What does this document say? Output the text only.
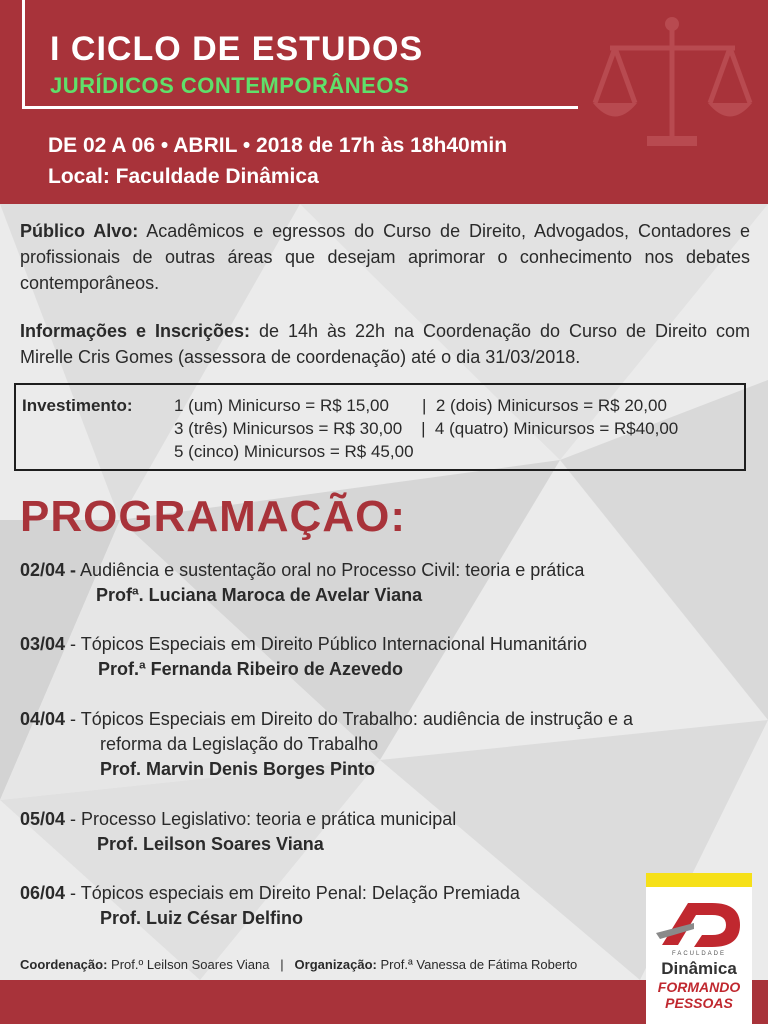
I CICLO DE ESTUDOS
JURÍDICOS CONTEMPORÂNEOS
DE 02 A 06 • ABRIL • 2018 de 17h às 18h40min
Local: Faculdade Dinâmica
Público Alvo: Acadêmicos e egressos do Curso de Direito, Advogados, Contadores e profissionais de outras áreas que desejam aprimorar o conhecimento nos debates contemporâneos.
Informações e Inscrições: de 14h às 22h na Coordenação do Curso de Direito com Mirelle Cris Gomes (assessora de coordenação) até o dia 31/03/2018.
Investimento: 1 (um) Minicurso = R$ 15,00       |  2 (dois) Minicursos = R$ 20,00
3 (três) Minicursos = R$ 30,00    |  4 (quatro) Minicursos = R$40,00
5 (cinco) Minicursos = R$ 45,00
PROGRAMAÇÃO:
02/04 - Audiência e sustentação oral no Processo Civil: teoria e prática
Profª. Luciana Maroca de Avelar Viana
03/04 - Tópicos Especiais em Direito Público Internacional Humanitário
Prof.ª Fernanda Ribeiro de Azevedo
04/04 - Tópicos Especiais em Direito do Trabalho: audiência de instrução e a
reforma da Legislação do Trabalho
Prof. Marvin Denis Borges Pinto
05/04 - Processo Legislativo: teoria e prática municipal
Prof. Leilson Soares Viana
06/04 - Tópicos especiais em Direito Penal: Delação Premiada
Prof. Luiz César Delfino
Coordenação: Prof.º Leilson Soares Viana   |   Organização: Prof.ª Vanessa de Fátima Roberto
FACULDADE
Dinâmica
FORMANDO
PESSOAS
